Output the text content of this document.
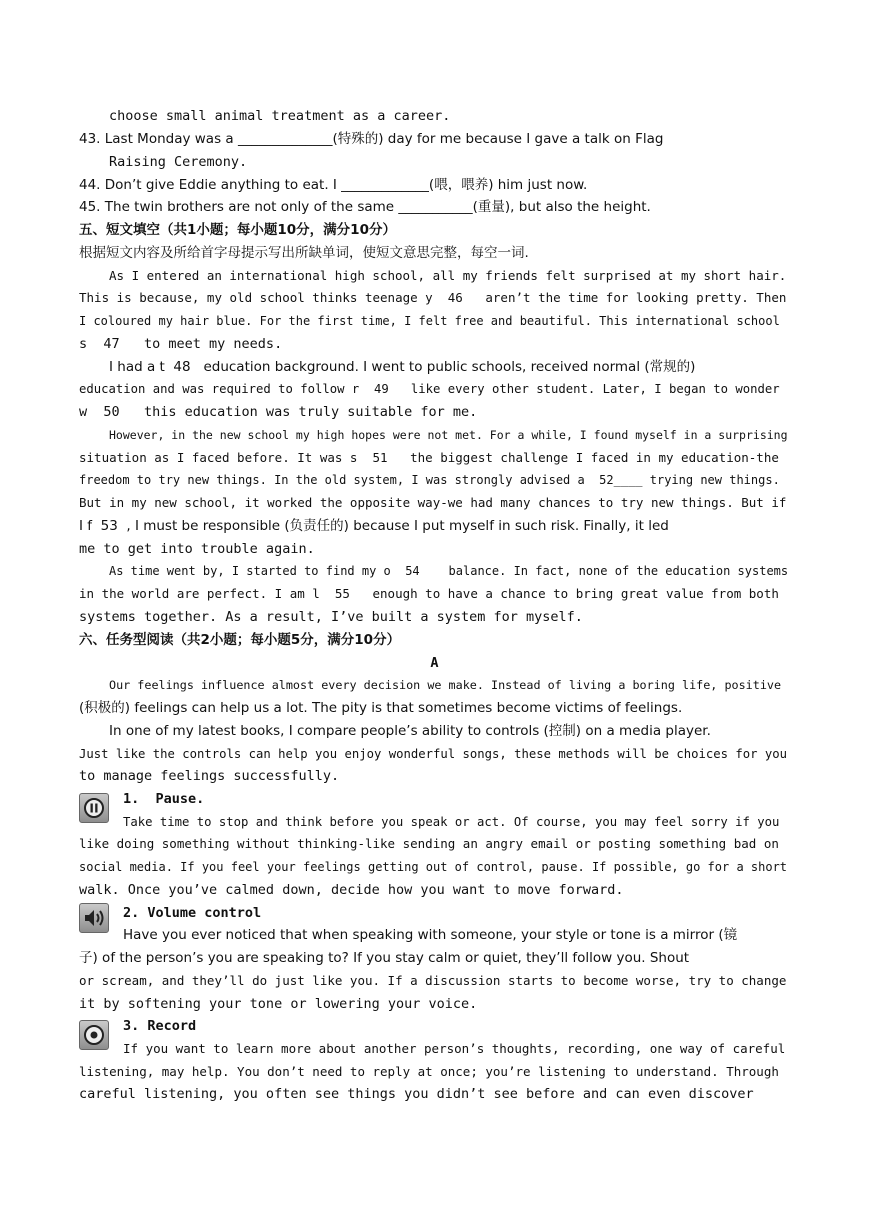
choose small animal treatment as a career.
43. Last Monday was a ______________(特殊的) day for me because I gave a talk on Flag
Raising Ceremony.
44. Don’t give Eddie anything to eat. I _____________(喂，喂养) him just now.
45. The twin brothers are not only of the same ___________(重量), but also the height.
五、短文填空（共1小题；每小题10分，满分10分）
根据短文内容及所给首字母提示写出所缺单词，使短文意思完整，每空一词.
As I entered an international high school, all my friends felt surprised at my short hair.
This is because, my old school thinks teenage y  46   aren’t the time for looking pretty. Then
I coloured my hair blue. For the first time, I felt free and beautiful. This international school
s  47   to meet my needs.
I had a t  48   education background. I went to public schools, received normal (常规的)
education and was required to follow r  49   like every other student. Later, I began to wonder
w  50   this education was truly suitable for me.
However, in the new school my high hopes were not met. For a while, I found myself in a surprising
situation as I faced before. It was s  51   the biggest challenge I faced in my education-the
freedom to try new things. In the old system, I was strongly advised a  52____ trying new things.
But in my new school, it worked the opposite way-we had many chances to try new things. But if
I f  53  , I must be responsible (负责任的) because I put myself in such risk. Finally, it led
me to get into trouble again.
As time went by, I started to find my o  54    balance. In fact, none of the education systems
in the world are perfect. I am l  55   enough to have a chance to bring great value from both
systems together. As a result, I’ve built a system for myself.
六、任务型阅读（共2小题；每小题5分，满分10分）
A
Our feelings influence almost every decision we make. Instead of living a boring life, positive
(积极的) feelings can help us a lot. The pity is that sometimes become victims of feelings.
In one of my latest books, I compare people’s ability to controls (控制) on a media player.
Just like the controls can help you enjoy wonderful songs, these methods will be choices for you
to manage feelings successfully.
1.  Pause.
Take time to stop and think before you speak or act. Of course, you may feel sorry if you
like doing something without thinking-like sending an angry email or posting something bad on
social media. If you feel your feelings getting out of control, pause. If possible, go for a short
walk. Once you’ve calmed down, decide how you want to move forward.
2. Volume control
Have you ever noticed that when speaking with someone, your style or tone is a mirror (镜
子) of the person’s you are speaking to? If you stay calm or quiet, they’ll follow you. Shout
or scream, and they’ll do just like you. If a discussion starts to become worse, try to change
it by softening your tone or lowering your voice.
3. Record
If you want to learn more about another person’s thoughts, recording, one way of careful
listening, may help. You don’t need to reply at once; you’re listening to understand. Through
careful listening, you often see things you didn’t see before and can even discover
